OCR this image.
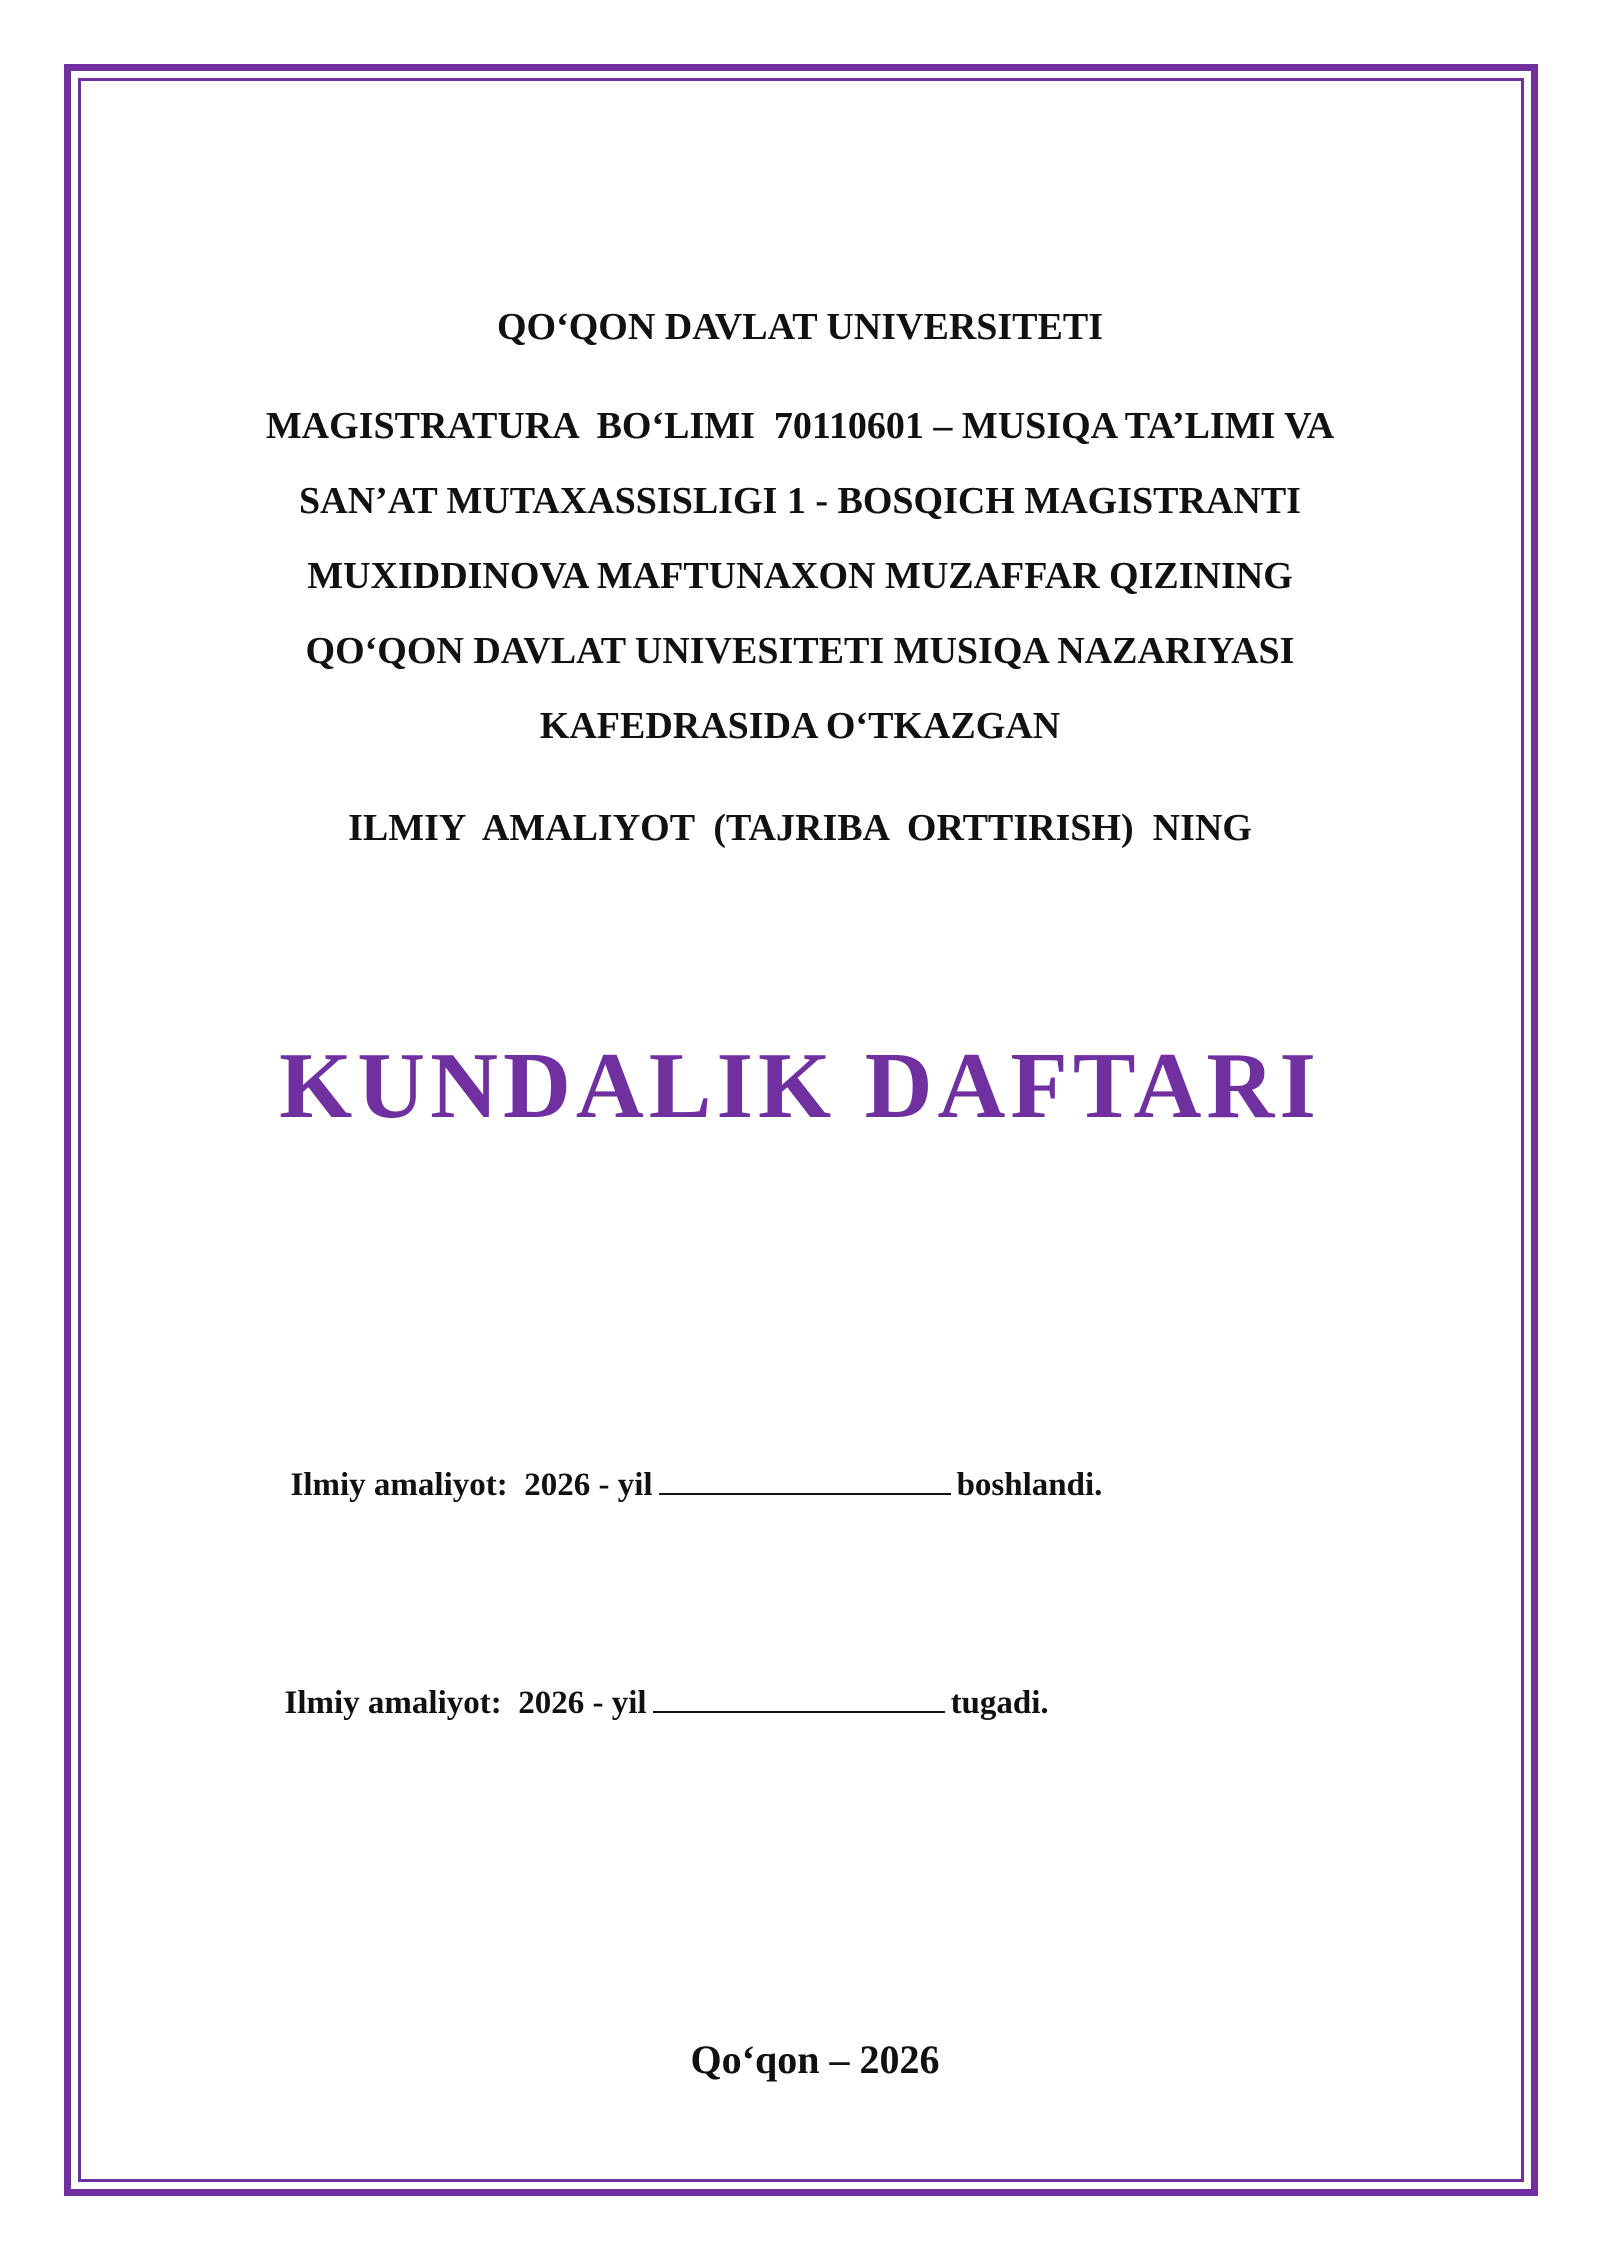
QO‘QON DAVLAT UNIVERSITETI
MAGISTRATURA  BO‘LIMI  70110601 – MUSIQA TA’LIMI VA
SAN’AT MUTAXASSISLIGI 1 - BOSQICH MAGISTRANTI
MUXIDDINOVA MAFTUNAXON MUZAFFAR QIZINING
QO‘QON DAVLAT UNIVESITETI MUSIQA NAZARIYASI
KAFEDRASIDA O‘TKAZGAN
ILMIY  AMALIYOT  (TAJRIBA  ORTTIRISH)  NING
KUNDALIK DAFTARI

Ilmiy amaliyot:  2026 - yil	boshlandi.

Ilmiy amaliyot:  2026 - yil	tugadi.

Qo‘qon – 2026
